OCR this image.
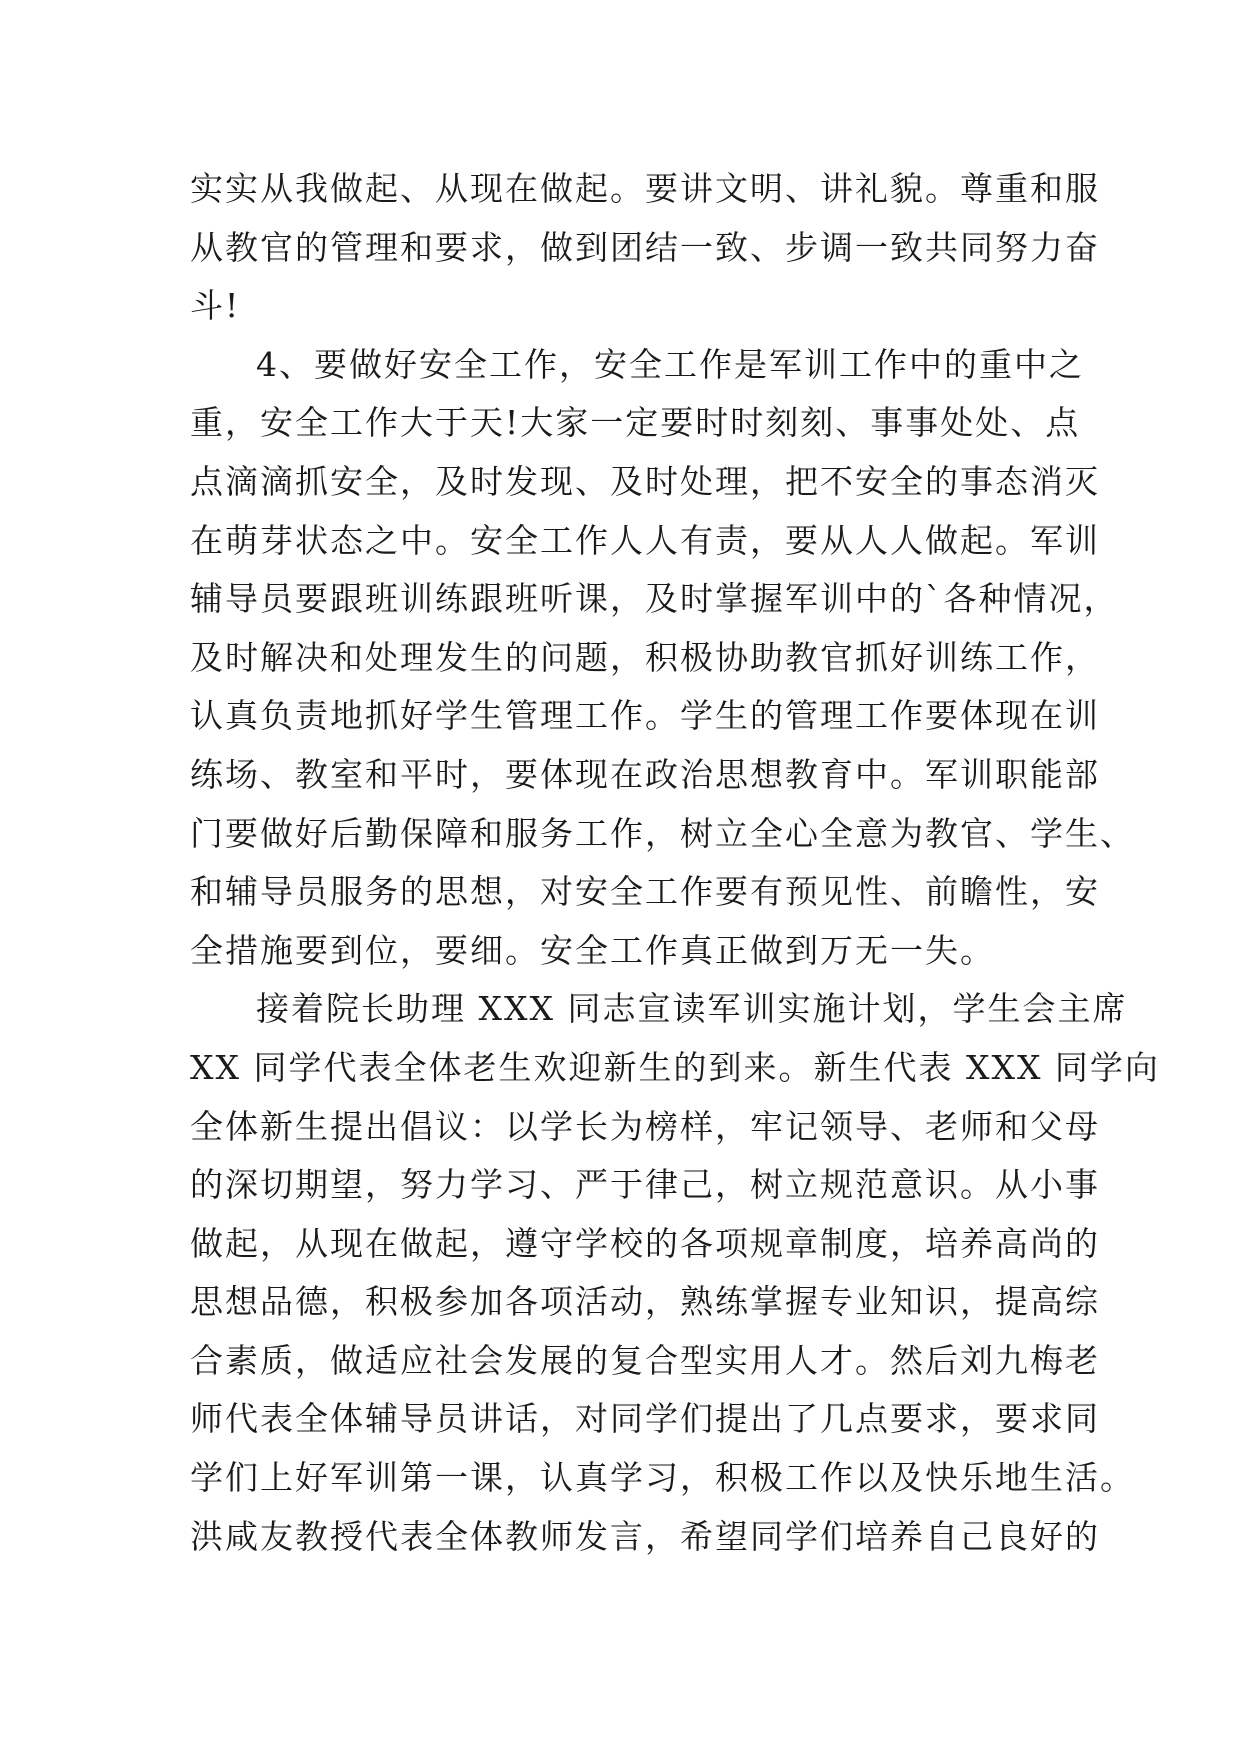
实实从我做起、从现在做起。要讲文明、讲礼貌。尊重和服
从教官的管理和要求，做到团结一致、步调一致共同努力奋
斗!
4、要做好安全工作，安全工作是军训工作中的重中之
重，安全工作大于天!大家一定要时时刻刻、事事处处、点
点滴滴抓安全，及时发现、及时处理，把不安全的事态消灭
在萌芽状态之中。安全工作人人有责，要从人人做起。军训
辅导员要跟班训练跟班听课，及时掌握军训中的`各种情况，
及时解决和处理发生的问题，积极协助教官抓好训练工作，
认真负责地抓好学生管理工作。学生的管理工作要体现在训
练场、教室和平时，要体现在政治思想教育中。军训职能部
门要做好后勤保障和服务工作，树立全心全意为教官、学生、
和辅导员服务的思想，对安全工作要有预见性、前瞻性，安
全措施要到位，要细。安全工作真正做到万无一失。
接着院长助理 XXX 同志宣读军训实施计划，学生会主席
XX 同学代表全体老生欢迎新生的到来。新生代表 XXX 同学向
全体新生提出倡议：以学长为榜样，牢记领导、老师和父母
的深切期望，努力学习、严于律己，树立规范意识。从小事
做起，从现在做起，遵守学校的各项规章制度，培养高尚的
思想品德，积极参加各项活动，熟练掌握专业知识，提高综
合素质，做适应社会发展的复合型实用人才。然后刘九梅老
师代表全体辅导员讲话，对同学们提出了几点要求，要求同
学们上好军训第一课，认真学习，积极工作以及快乐地生活。
洪咸友教授代表全体教师发言，希望同学们培养自己良好的
